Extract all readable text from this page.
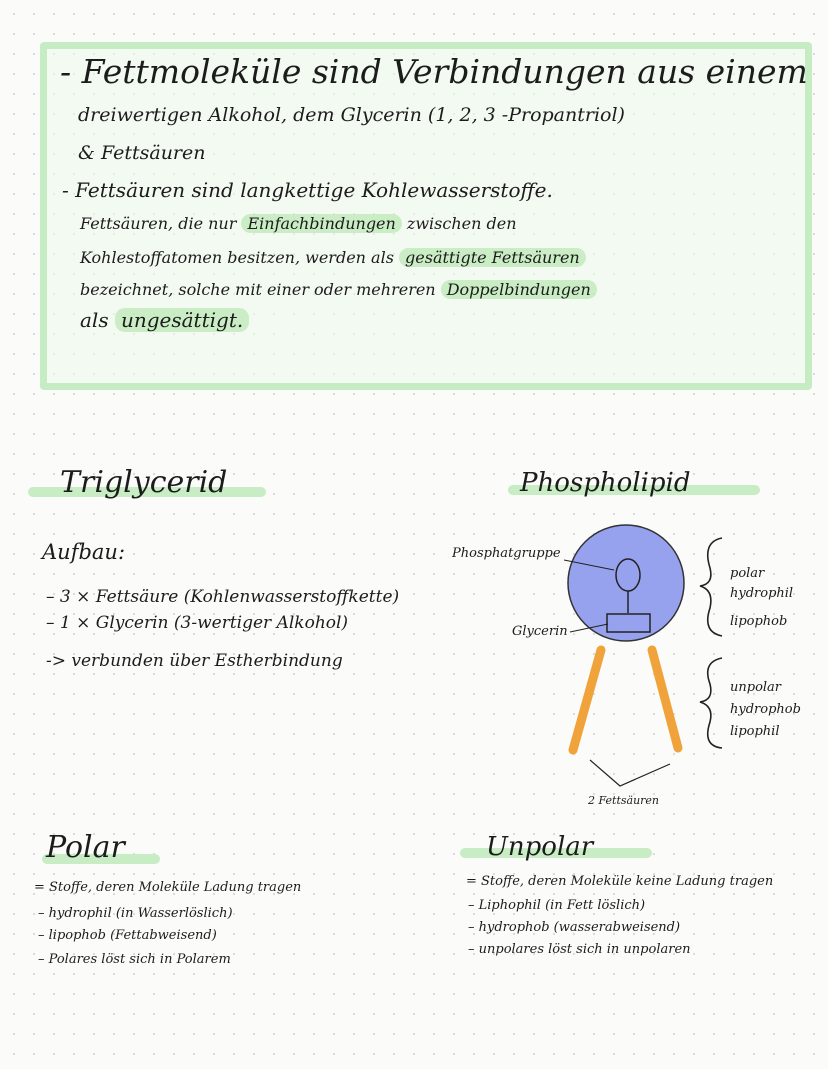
- Fettmoleküle sind Verbindungen aus einem
dreiwertigen Alkohol, dem Glycerin (1, 2, 3 -Propantriol)
& Fettsäuren
- Fettsäuren sind langkettige Kohlewasserstoffe.
Fettsäuren, die nur Einfachbindungen zwischen den
Kohlestoffatomen besitzen, werden als gesättigte Fettsäuren
bezeichnet, solche mit einer oder mehreren Doppelbindungen
als ungesättigt.
Triglycerid
Aufbau:
– 3 × Fettsäure (Kohlenwasserstoffkette)
– 1 × Glycerin (3-wertiger Alkohol)
-> verbunden über Estherbindung
Phospholipid
Phosphatgruppe
Glycerin
2 Fettsäuren
polar
hydrophil
lipophob
unpolar
hydrophob
lipophil
Polar
= Stoffe, deren Moleküle Ladung tragen
– hydrophil (in Wasserlöslich)
– lipophob (Fettabweisend)
– Polares löst sich in Polarem
Unpolar
= Stoffe, deren Moleküle keine Ladung tragen
– Liphophil (in Fett löslich)
– hydrophob (wasserabweisend)
– unpolares löst sich in unpolaren
